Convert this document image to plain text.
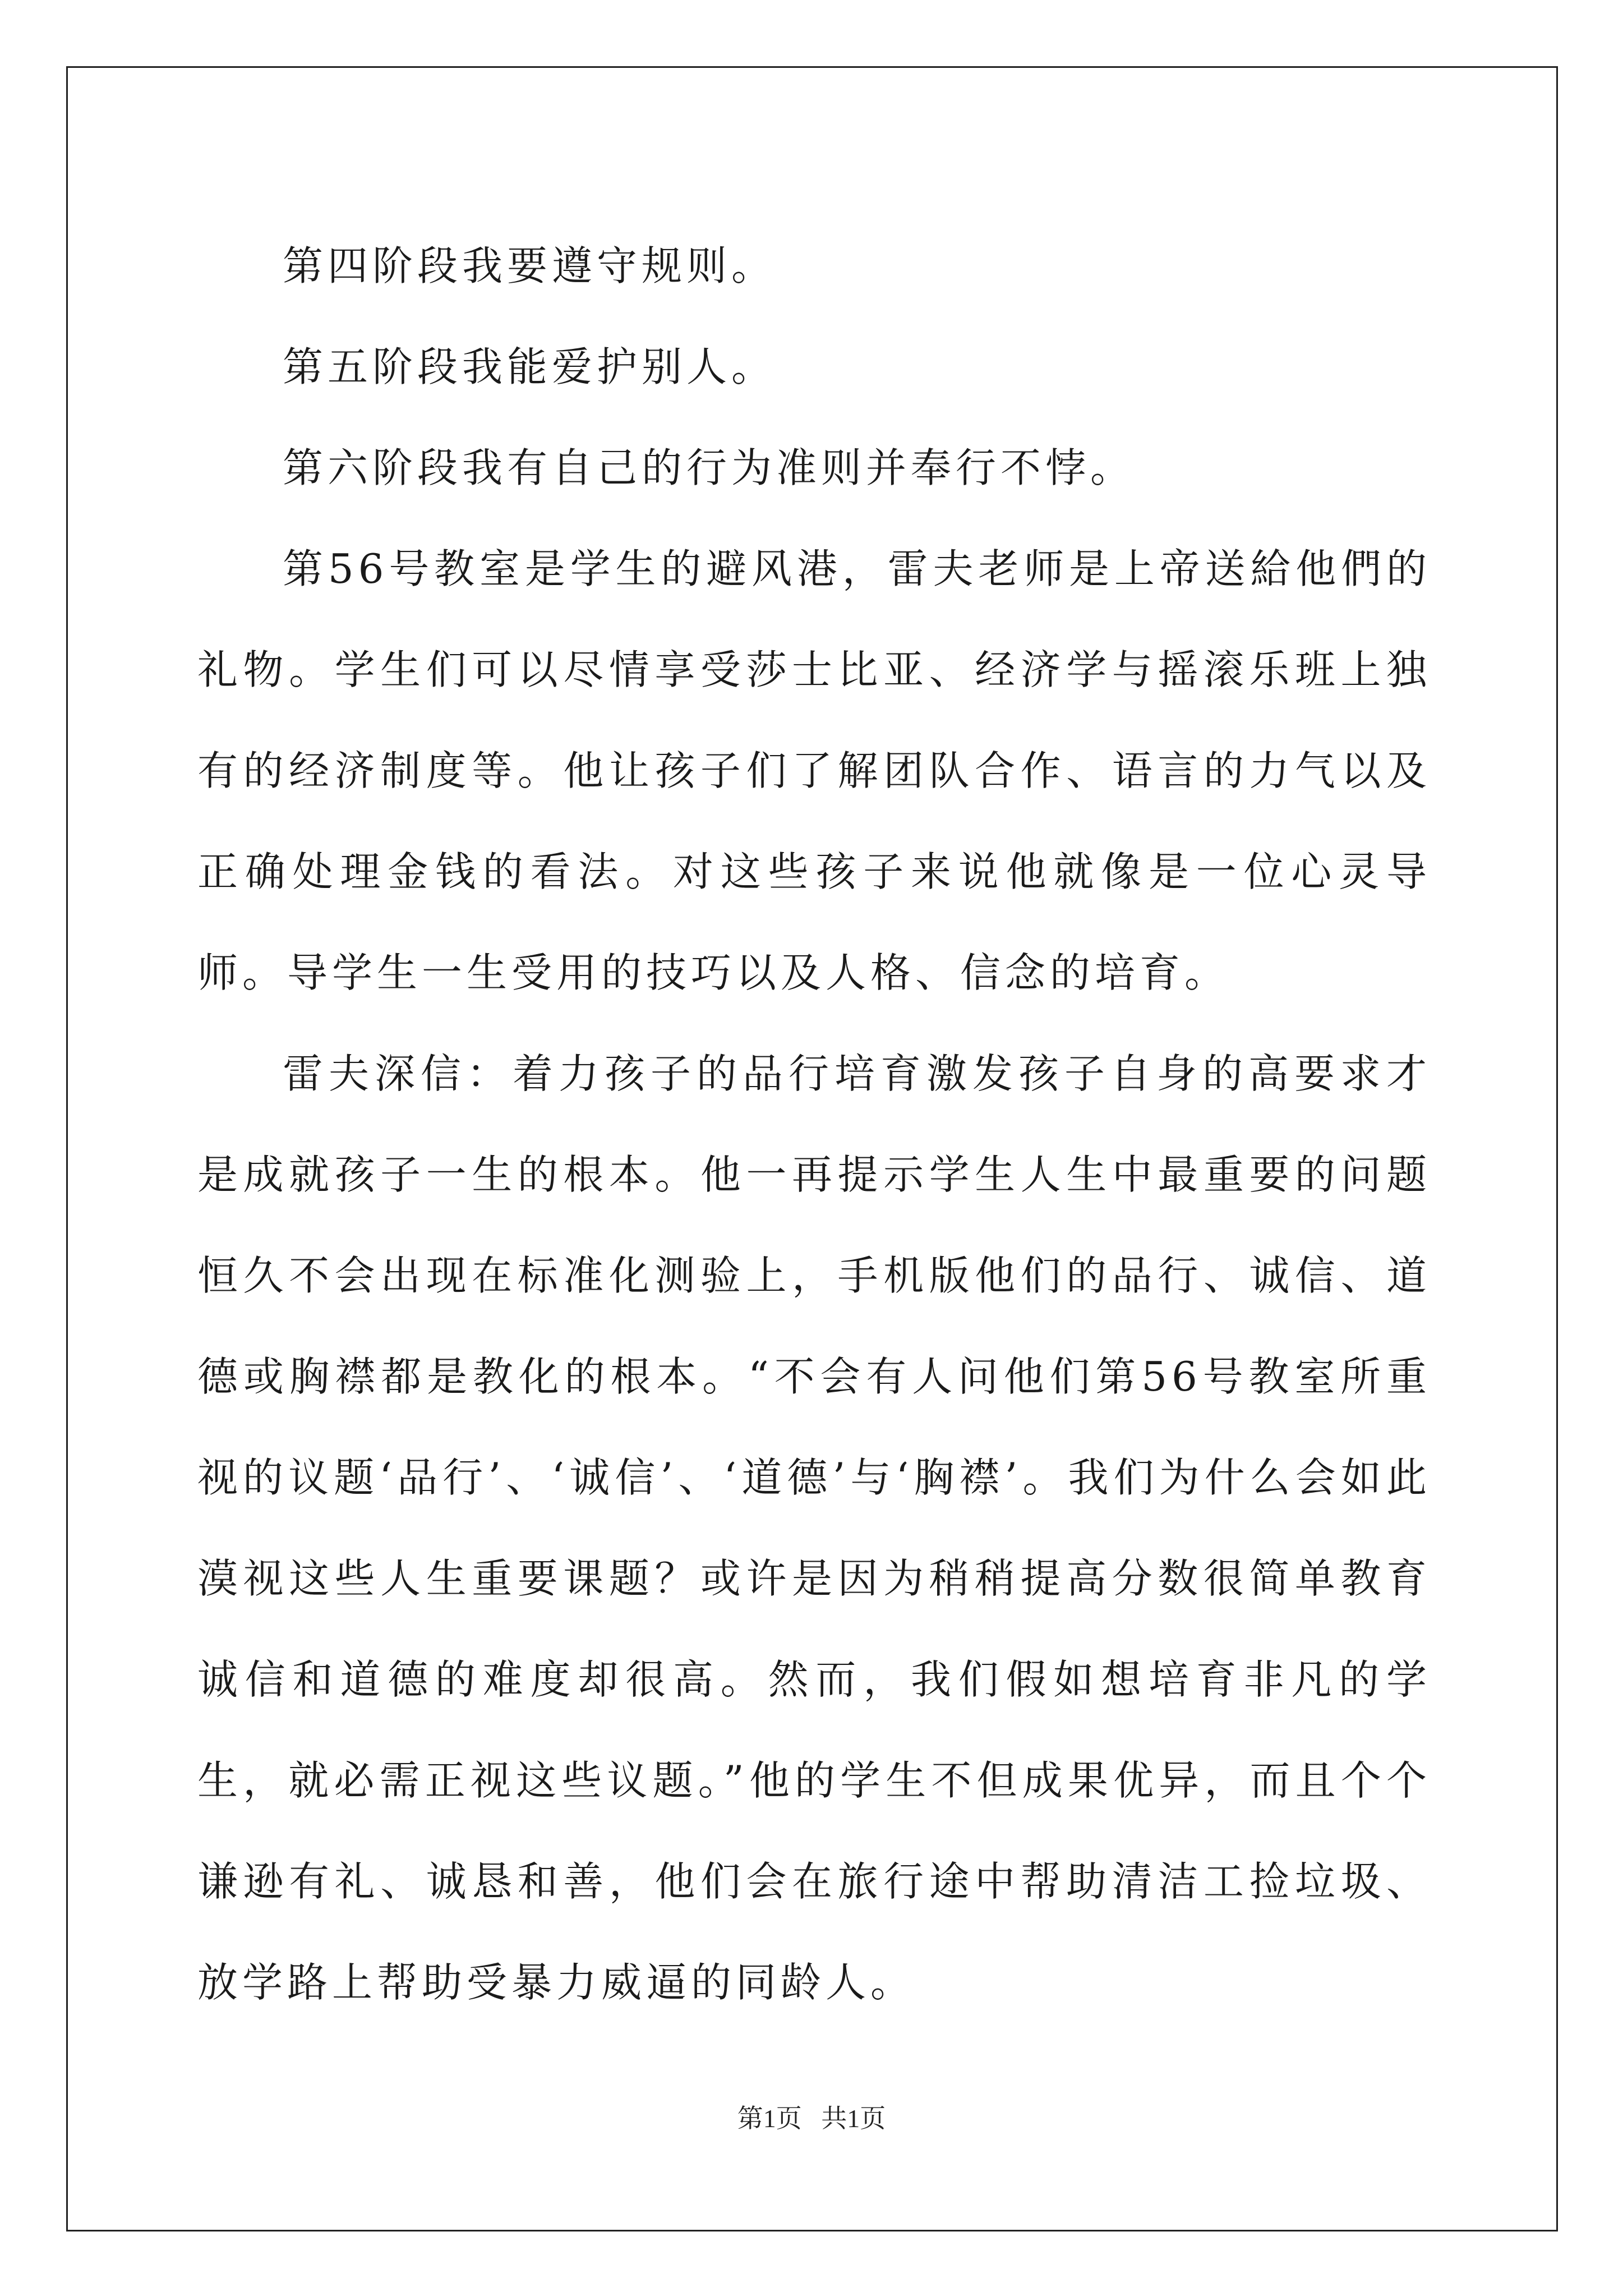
第四阶段我要遵守规则。

第五阶段我能爱护别人。

第六阶段我有自己的行为准则并奉行不悖。

第56号教室是学生的避风港，雷夫老师是上帝送給他們的礼物。学生们可以尽情享受莎士比亚、经济学与摇滚乐班上独有的经济制度等。他让孩子们了解团队合作、语言的力气以及正确处理金钱的看法。对这些孩子来说他就像是一位心灵导师。导学生一生受用的技巧以及人格、信念的培育。

雷夫深信：着力孩子的品行培育激发孩子自身的高要求才是成就孩子一生的根本。他一再提示学生人生中最重要的问题恒久不会出现在标准化测验上，手机版他们的品行、诚信、道德或胸襟都是教化的根本。“不会有人问他们第56号教室所重视的议题‘品行’、‘诚信’、‘道德’与‘胸襟’。我们为什么会如此漠视这些人生重要课题？或许是因为稍稍提高分数很简单教育诚信和道德的难度却很高。然而，我们假如想培育非凡的学生，就必需正视这些议题。”他的学生不但成果优异，而且个个谦逊有礼、诚恳和善，他们会在旅行途中帮助清洁工捡垃圾、放学路上帮助受暴力威逼的同龄人。

第1页   共1页
